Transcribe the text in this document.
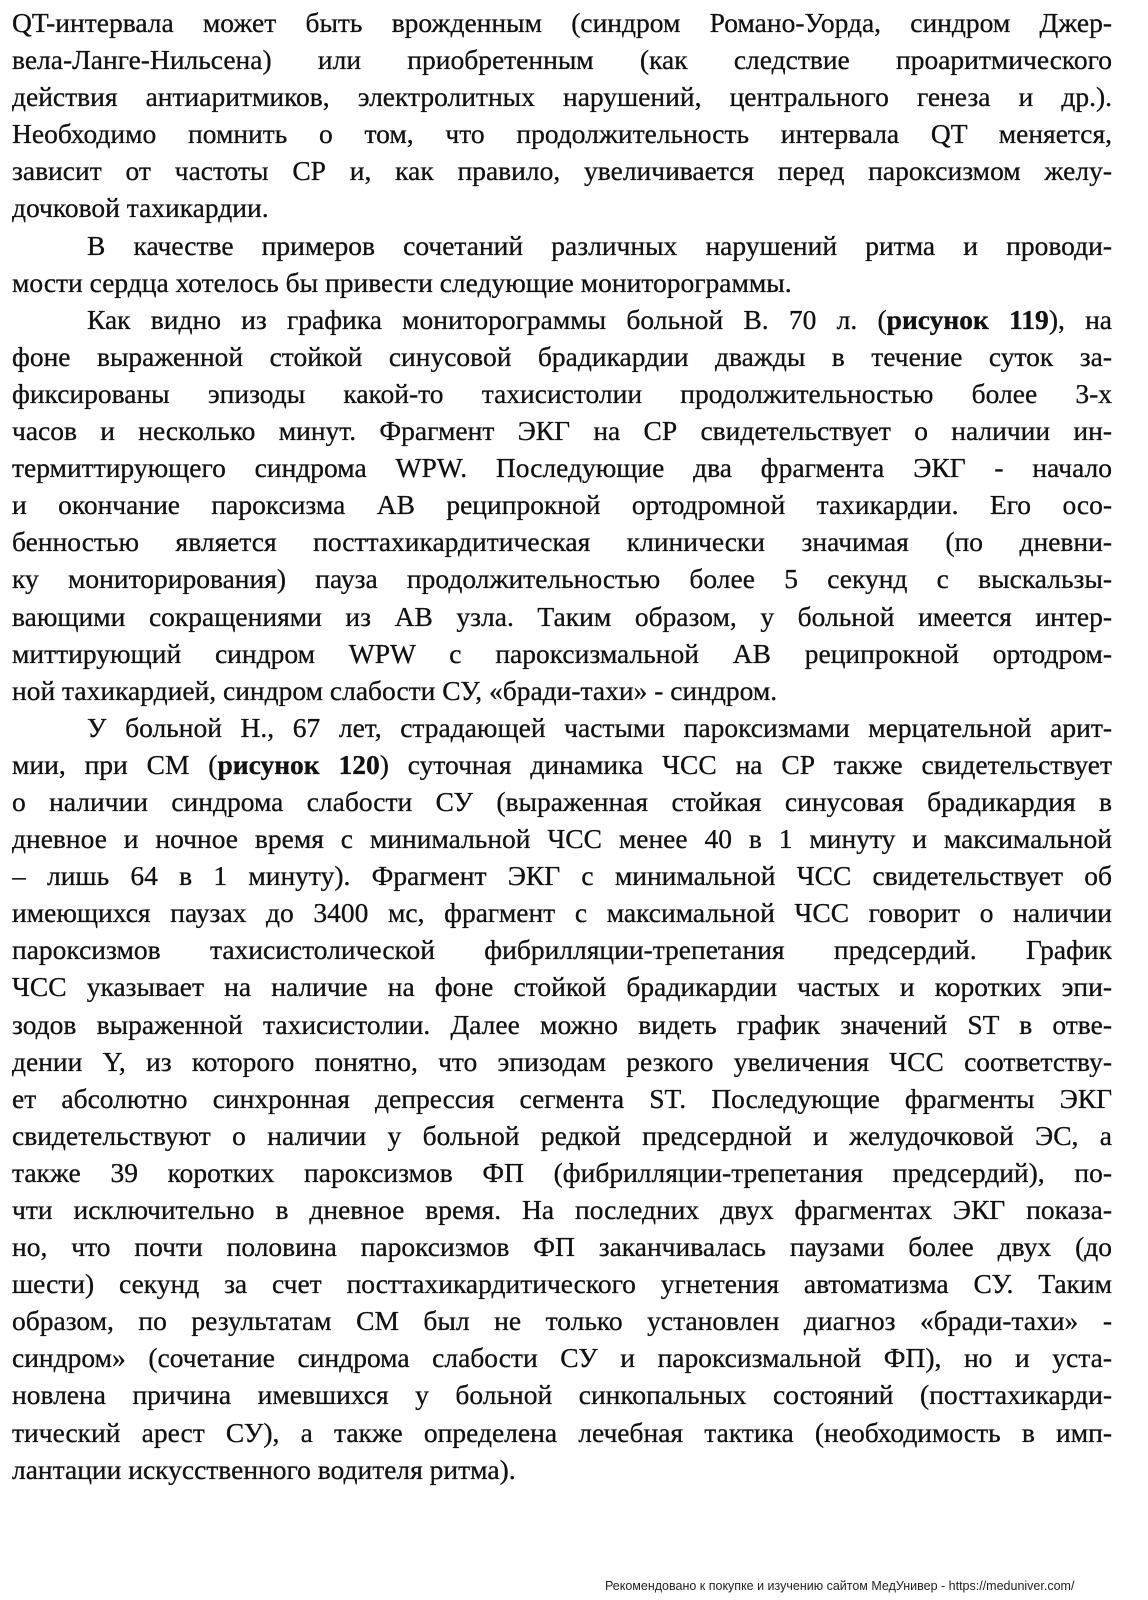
QT-интервала может быть врожденным (синдром Романо-Уорда, синдром Джер-
вела-Ланге-Нильсена) или приобретенным (как следствие проаритмического
действия антиаритмиков, электролитных нарушений, центрального генеза и др.).
Необходимо помнить о том, что продолжительность интервала QT меняется,
зависит от частоты СР и, как правило, увеличивается перед пароксизмом желу-
дочковой тахикардии.
В качестве примеров сочетаний различных нарушений ритма и проводи-
мости сердца хотелось бы привести следующие мониторограммы.
Как видно из графика мониторограммы больной В. 70 л. (рисунок 119), на
фоне выраженной стойкой синусовой брадикардии дважды в течение суток за-
фиксированы эпизоды какой-то тахисистолии продолжительностью более 3-х
часов и несколько минут. Фрагмент ЭКГ на СР свидетельствует о наличии ин-
термиттирующего синдрома WPW. Последующие два фрагмента ЭКГ - начало
и окончание пароксизма АВ реципрокной ортодромной тахикардии. Его осо-
бенностью является посттахикардитическая клинически значимая (по дневни-
ку мониторирования) пауза продолжительностью более 5 секунд с выскальзы-
вающими сокращениями из АВ узла. Таким образом, у больной имеется интер-
миттирующий синдром WPW с пароксизмальной АВ реципрокной ортодром-
ной тахикардией, синдром слабости СУ, «бради-тахи» - синдром.
У больной Н., 67 лет, страдающей частыми пароксизмами мерцательной арит-
мии, при СМ (рисунок 120) суточная динамика ЧСС на СР также свидетельствует
о наличии синдрома слабости СУ (выраженная стойкая синусовая брадикардия в
дневное и ночное время с минимальной ЧСС менее 40 в 1 минуту и максимальной
– лишь 64 в 1 минуту). Фрагмент ЭКГ с минимальной ЧСС свидетельствует об
имеющихся паузах до 3400 мс, фрагмент с максимальной ЧСС говорит о наличии
пароксизмов тахисистолической фибрилляции-трепетания предсердий. График
ЧСС указывает на наличие на фоне стойкой брадикардии частых и коротких эпи-
зодов выраженной тахисистолии. Далее можно видеть график значений ST в отве-
дении Y, из которого понятно, что эпизодам резкого увеличения ЧСС соответству-
ет абсолютно синхронная депрессия сегмента ST. Последующие фрагменты ЭКГ
свидетельствуют о наличии у больной редкой предсердной и желудочковой ЭС, а
также 39 коротких пароксизмов ФП (фибрилляции-трепетания предсердий), по-
чти исключительно в дневное время. На последних двух фрагментах ЭКГ показа-
но, что почти половина пароксизмов ФП заканчивалась паузами более двух (до
шести) секунд за счет посттахикардитического угнетения автоматизма СУ. Таким
образом, по результатам СМ был не только установлен диагноз «бради-тахи» -
синдром» (сочетание синдрома слабости СУ и пароксизмальной ФП), но и уста-
новлена причина имевшихся у больной синкопальных состояний (посттахикарди-
тический арест СУ), а также определена лечебная тактика (необходимость в имп-
лантации искусственного водителя ритма).
Рекомендовано к покупке и изучению сайтом МедУнивер - https://meduniver.com/
